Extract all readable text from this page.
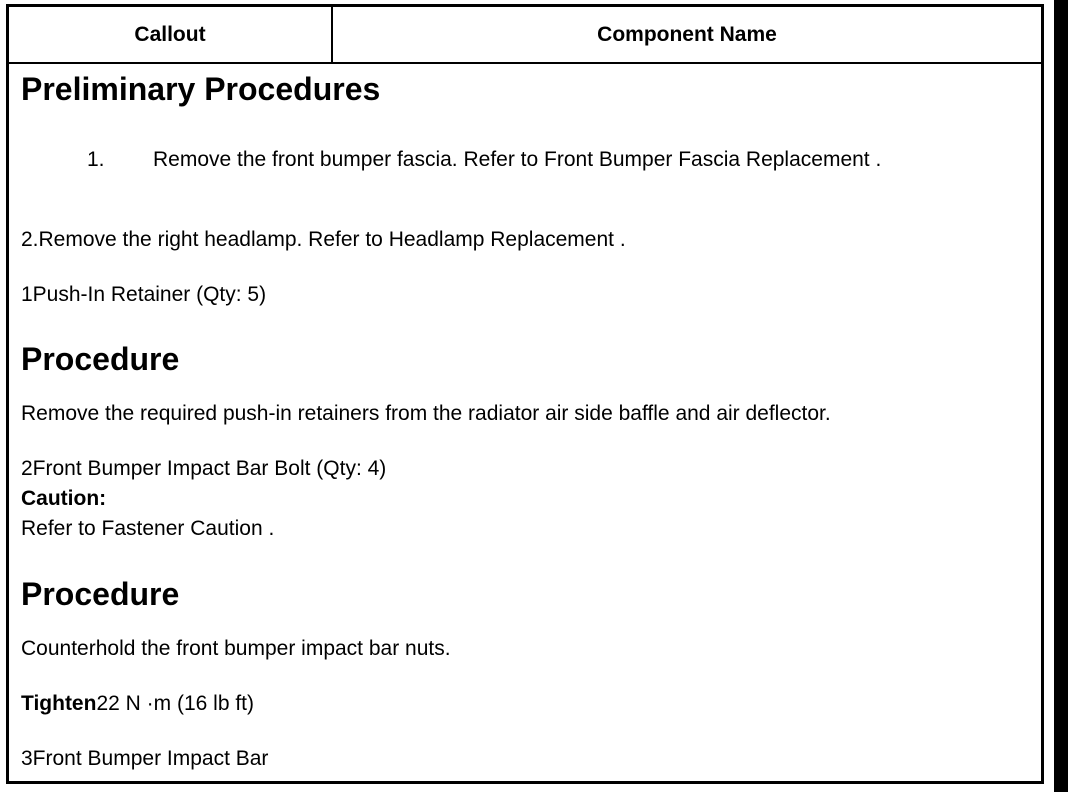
Callout	Component Name
Preliminary Procedures
1. Remove the front bumper fascia. Refer to Front Bumper Fascia Replacement .
2.Remove the right headlamp. Refer to Headlamp Replacement .
1Push-In Retainer (Qty: 5)
Procedure
Remove the required push-in retainers from the radiator air side baffle and air deflector.
2Front Bumper Impact Bar Bolt (Qty: 4)
Caution:
Refer to Fastener Caution .
Procedure
Counterhold the front bumper impact bar nuts.
Tighten22 N ·m (16 lb ft)
3Front Bumper Impact Bar
